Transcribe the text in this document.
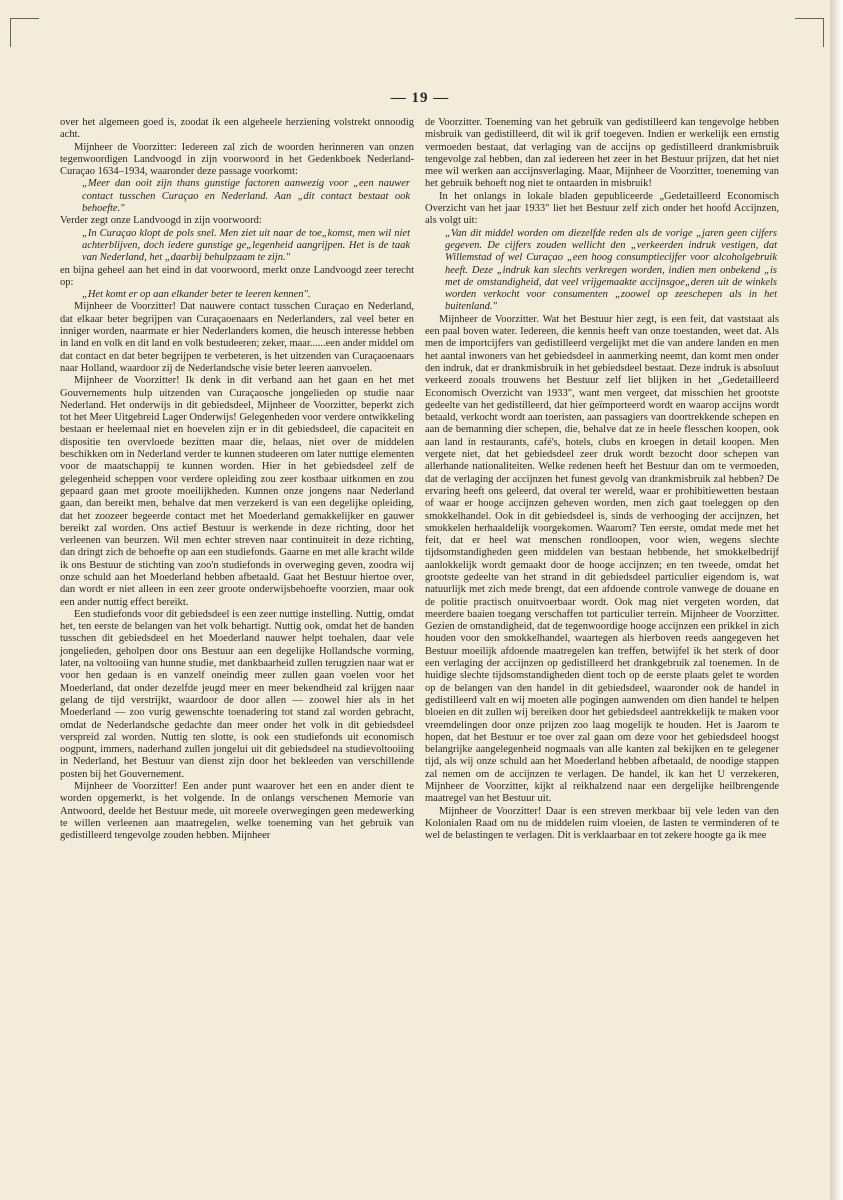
— 19 —

over het algemeen goed is, zoodat ik een algeheele herziening volstrekt onnoodig acht.

Mijnheer de Voorzitter: Iedereen zal zich de woorden herinneren van onzen tegenwoordigen Landvoogd in zijn voorwoord in het Gedenkboek Nederland-Curaçao 1634–1934, waaronder deze passage voorkomt:

„Meer dan ooit zijn thans gunstige factoren aanwezig voor „een nauwer contact tusschen Curaçao en Nederland. Aan „dit contact bestaat ook behoefte."

Verder zegt onze Landvoogd in zijn voorwoord:

„In Curaçao klopt de pols snel. Men ziet uit naar de toe„komst, men wil niet achterblijven, doch iedere gunstige ge„legenheid aangrijpen. Het is de taak van Nederland, het „daarbij behulpzaam te zijn."

en bijna geheel aan het eind in dat voorwoord, merkt onze Landvoogd zeer terecht op:

„Het komt er op aan elkander beter te leeren kennen".

Mijnheer de Voorzitter! Dat nauwere contact tusschen Curaçao en Nederland, dat elkaar beter begrijpen van Curaçaoenaars en Nederlanders, zal veel beter en inniger worden, naarmate er hier Nederlanders komen, die heusch interesse hebben in land en volk en dit land en volk bestudeeren; zeker, maar......een ander middel om dat contact en dat beter begrijpen te verbeteren, is het uitzenden van Curaçaoenaars naar Holland, waardoor zij de Nederlandsche visie beter leeren aanvoelen.

Mijnheer de Voorzitter! Ik denk in dit verband aan het gaan en het met Gouvernements hulp uitzenden van Curaçaosche jongelieden op studie naar Nederland. Het onderwijs in dit gebiedsdeel, Mijnheer de Voorzitter, beperkt zich tot het Meer Uitgebreid Lager Onderwijs! Gelegenheden voor verdere ontwikkeling bestaan er heelemaal niet en hoevelen zijn er in dit gebiedsdeel, die capaciteit en dispositie ten overvloede bezitten maar die, helaas, niet over de middelen beschikken om in Nederland verder te kunnen studeeren om later nuttige elementen voor de maatschappij te kunnen worden. Hier in het gebiedsdeel zelf de gelegenheid scheppen voor verdere opleiding zou zeer kostbaar uitkomen en zou gepaard gaan met groote moeilijkheden. Kunnen onze jongens naar Nederland gaan, dan bereikt men, behalve dat men verzekerd is van een degelijke opleiding, dat het zoozeer begeerde contact met het Moederland gemakkelijker en gauwer bereikt zal worden. Ons actief Bestuur is werkende in deze richting, door het verleenen van beurzen. Wil men echter streven naar continuiteit in deze richting, dan dringt zich de behoefte op aan een studiefonds. Gaarne en met alle kracht wilde ik ons Bestuur de stichting van zoo'n studiefonds in overweging geven, zoodra wij onze schuld aan het Moederland hebben afbetaald. Gaat het Bestuur hiertoe over, dan wordt er niet alleen in een zeer groote onderwijsbehoefte voorzien, maar ook een ander nuttig effect bereikt.

Een studiefonds voor dit gebiedsdeel is een zeer nuttige instelling. Nuttig, omdat het, ten eerste de belangen van het volk behartigt. Nuttig ook, omdat het de banden tusschen dit gebiedsdeel en het Moederland nauwer helpt toehalen, daar vele jongelieden, geholpen door ons Bestuur aan een degelijke Hollandsche vorming, later, na voltooiing van hunne studie, met dankbaarheid zullen terugzien naar wat er voor hen gedaan is en vanzelf oneindig meer zullen gaan voelen voor het Moederland, dat onder dezelfde jeugd meer en meer bekendheid zal krijgen naar gelang de tijd verstrijkt, waardoor de door allen — zoowel hier als in het Moederland — zoo vurig gewenschte toenadering tot stand zal worden gebracht, omdat de Nederlandsche gedachte dan meer onder het volk in dit gebiedsdeel verspreid zal worden. Nuttig ten slotte, is ook een studiefonds uit economisch oogpunt, immers, naderhand zullen jongelui uit dit gebiedsdeel na studievoltooiing in Nederland, het Bestuur van dienst zijn door het bekleeden van verschillende posten bij het Gouvernement.

Mijnheer de Voorzitter! Een ander punt waarover het een en ander dient te worden opgemerkt, is het volgende. In de onlangs verschenen Memorie van Antwoord, deelde het Bestuur mede, uit moreele overwegingen geen medewerking te willen verleenen aan maatregelen, welke toeneming van het gebruik van gedistilleerd tengevolge zouden hebben. Mijnheer

de Voorzitter. Toeneming van het gebruik van gedistilleerd kan tengevolge hebben misbruik van gedistilleerd, dit wil ik grif toegeven. Indien er werkelijk een ernstig vermoeden bestaat, dat verlaging van de accijns op gedistilleerd drankmisbruik tengevolge zal hebben, dan zal iedereen het zeer in het Bestuur prijzen, dat het niet mee wil werken aan accijnsverlaging. Maar, Mijnheer de Voorzitter, toeneming van het gebruik behoeft nog niet te ontaarden in misbruik!

In het onlangs in lokale bladen gepubliceerde „Gedetailleerd Economisch Overzicht van het jaar 1933" liet het Bestuur zelf zich onder het hoofd Accijnzen, als volgt uit:

„Van dit middel worden om diezelfde reden als de vorige „jaren geen cijfers gegeven. De cijfers zouden wellicht den „verkeerden indruk vestigen, dat Willemstad of wel Curaçao „een hoog consumptiecijfer voor alcoholgebruik heeft. Deze „indruk kan slechts verkregen worden, indien men onbekend „is met de omstandigheid, dat veel vrijgemaakte accijnsgoe„deren uit de winkels worden verkocht voor consumenten „zoowel op zeeschepen als in het buitenland."

Mijnheer de Voorzitter. Wat het Bestuur hier zegt, is een feit, dat vaststaat als een paal boven water. Iedereen, die kennis heeft van onze toestanden, weet dat. Als men de importcijfers van gedistilleerd vergelijkt met die van andere landen en men het aantal inwoners van het gebiedsdeel in aanmerking neemt, dan komt men onder den indruk, dat er drankmisbruik in het gebiedsdeel bestaat. Deze indruk is absoluut verkeerd zooals trouwens het Bestuur zelf liet blijken in het „Gedetailleerd Economisch Overzicht van 1933", want men vergeet, dat misschien het grootste gedeelte van het gedistilleerd, dat hier geïmporteerd wordt en waarop accijns wordt betaald, verkocht wordt aan toeristen, aan passagiers van doortrekkende schepen en aan de bemanning dier schepen, die, behalve dat ze in heele flesschen koopen, ook aan land in restaurants, café's, hotels, clubs en kroegen in detail koopen. Men vergete niet, dat het gebiedsdeel zeer druk wordt bezocht door schepen van allerhande nationaliteiten. Welke redenen heeft het Bestuur dan om te vermoeden, dat de verlaging der accijnzen het funest gevolg van drankmisbruik zal hebben? De ervaring heeft ons geleerd, dat overal ter wereld, waar er prohibitiewetten bestaan of waar er hooge accijnzen geheven worden, men zich gaat toeleggen op den smokkelhandel. Ook in dit gebiedsdeel is, sinds de verhooging der accijnzen, het smokkelen herhaaldelijk voorgekomen. Waarom? Ten eerste, omdat mede met het feit, dat er heel wat menschen rondloopen, voor wien, wegens slechte tijdsomstandigheden geen middelen van bestaan hebbende, het smokkelbedrijf aanlokkelijk wordt gemaakt door de hooge accijnzen; en ten tweede, omdat het grootste gedeelte van het strand in dit gebiedsdeel particulier eigendom is, wat natuurlijk met zich mede brengt, dat een afdoende controle vanwege de douane en de politie practisch onuitvoerbaar wordt. Ook mag niet vergeten worden, dat meerdere baaien toegang verschaffen tot particulier terrein. Mijnheer de Voorzitter. Gezien de omstandigheid, dat de tegenwoordige hooge accijnzen een prikkel in zich houden voor den smokkelhandel, waartegen als hierboven reeds aangegeven het Bestuur moeilijk afdoende maatregelen kan treffen, betwijfel ik het sterk of door een verlaging der accijnzen op gedistilleerd het drankgebruik zal toenemen. In de huidige slechte tijdsomstandigheden dient toch op de eerste plaats gelet te worden op de belangen van den handel in dit gebiedsdeel, waaronder ook de handel in gedistilleerd valt en wij moeten alle pogingen aanwenden om dien handel te helpen bloeien en dit zullen wij bereiken door het gebiedsdeel aantrekkelijk te maken voor vreemdelingen door onze prijzen zoo laag mogelijk te houden. Het is Jaarom te hopen, dat het Bestuur er toe over zal gaan om deze voor het gebiedsdeel hoogst belangrijke aangelegenheid nogmaals van alle kanten zal bekijken en te gelegener tijd, als wij onze schuld aan het Moederland hebben afbetaald, de noodige stappen zal nemen om de accijnzen te verlagen. De handel, ik kan het U verzekeren, Mijnheer de Voorzitter, kijkt al reikhalzend naar een dergelijke heilbrengende maatregel van het Bestuur uit.

Mijnheer de Voorzitter! Daar is een streven merkbaar bij vele leden van den Kolonialen Raad om nu de middelen ruim vloeien, de lasten te verminderen of te wel de belastingen te verlagen. Dit is verklaarbaar en tot zekere hoogte ga ik mee
